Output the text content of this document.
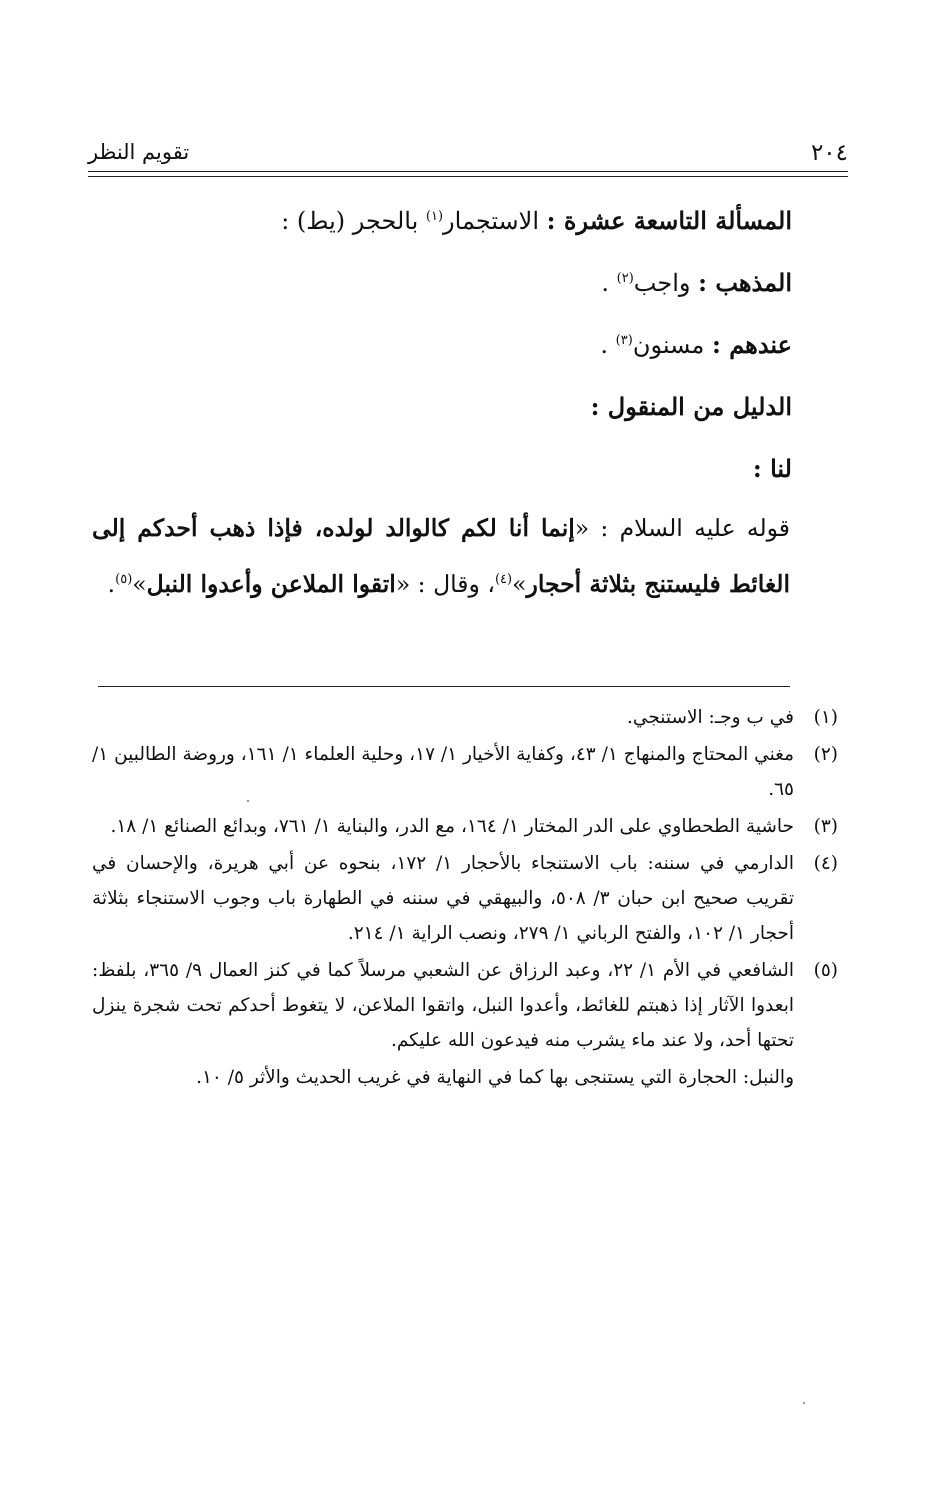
٢٠٤
تقويم النظر
المسألة التاسعة عشرة : الاستجمار$^{(١)}$ بالحجر (يط) :
المذهب : واجب$^{(٢)}$ .
عندهم : مسنون$^{(٣)}$ .
الدليل من المنقول :
لنا :
قوله عليه السلام : «إنما أنا لكم كالوالد لولده، فإذا ذهب أحدكم إلى الغائط فليستنج بثلاثة أحجار»$^{(٤)}$، وقال : «اتقوا الملاعن وأعدوا النبل»$^{(٥)}$.
(١)
في ب وجـ: الاستنجي.
(٢)
مغني المحتاج والمنهاج ١/ ٤٣، وكفاية الأخيار ١/ ١٧، وحلية العلماء ١/ ١٦١، وروضة الطالبين ١/ ٦٥.
(٣)
حاشية الطحطاوي على الدر المختار ١/ ١٦٤، مع الدر، والبناية ١/ ٧٦١، وبدائع الصنائع ١/ ١٨.
(٤)
الدارمي في سننه: باب الاستنجاء بالأحجار ١/ ١٧٢، بنحوه عن أبي هريرة، والإحسان في تقريب صحيح ابن حبان ٣/ ٥٠٨، والبيهقي في سننه في الطهارة باب وجوب الاستنجاء بثلاثة أحجار ١/ ١٠٢، والفتح الرباني ١/ ٢٧٩، ونصب الراية ١/ ٢١٤.
(٥)
الشافعي في الأم ١/ ٢٢، وعبد الرزاق عن الشعبي مرسلاً كما في كنز العمال ٩/ ٣٦٥، بلفظ: ابعدوا الآثار إذا ذهبتم للغائط، وأعدوا النبل، واتقوا الملاعن، لا يتغوط أحدكم تحت شجرة ينزل تحتها أحد، ولا عند ماء يشرب منه فيدعون الله عليكم.
والنبل: الحجارة التي يستنجى بها كما في النهاية في غريب الحديث والأثر ٥/ ١٠.
